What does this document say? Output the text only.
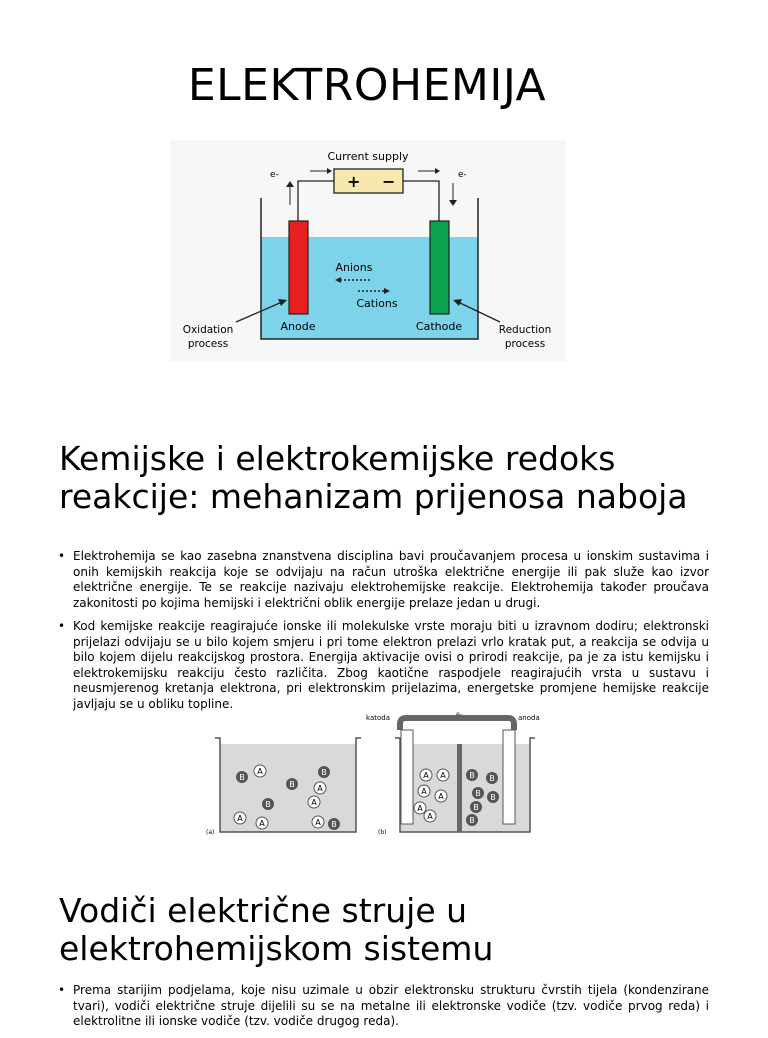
ELEKTROHEMIJA
+ −
Current supply
e-	e-
Anions
Cations
Anode	Cathode
Oxidation
process
Reduction
process
Kemijske i elektrokemijske redoks reakcije: mehanizam prijenosa naboja
• Elektrohemija se kao zasebna znanstvena disciplina bavi proučavanjem procesa u ionskim sustavima i onih kemijskih reakcija koje se odvijaju na račun utroška električne energije ili pak služe kao izvor električne energije. Te se reakcije nazivaju elektrohemijske reakcije. Elektrohemija također proučava zakonitosti po kojima hemijski i električni oblik energije prelaze jedan u drugi.
• Kod kemijske reakcije reagirajuće ionske ili molekulske vrste moraju biti u izravnom dodiru; elektronski prijelazi odvijaju se u bilo kojem smjeru i pri tome elektron prelazi vrlo kratak put, a reakcija se odvija u bilo kojem dijelu reakcijskog prostora. Energija aktivacije ovisi o prirodi reakcije, pa je za istu kemijsku i elektrokemijsku reakciju često različita. Zbog kaotične raspodjele reagirajućih vrsta u sustavu i neusmjerenog kretanja elektrona, pri elektronskim prijelazima, energetske promjene hemijske reakcije javljaju se u obliku topline.
A
B
B
B
A
B	A
A
A	A B
(a)
katoda	anoda
e-
A A
A
A
A
A
B B
B B
B
B
(b)
Vodiči električne struje u elektrohemijskom sistemu
• Prema starijim podjelama, koje nisu uzimale u obzir elektronsku strukturu čvrstih tijela (kondenzirane tvari), vodiči električne struje dijelili su se na metalne ili elektronske vodiče (tzv. vodiče prvog reda) i elektrolitne ili ionske vodiče (tzv. vodiče drugog reda).
